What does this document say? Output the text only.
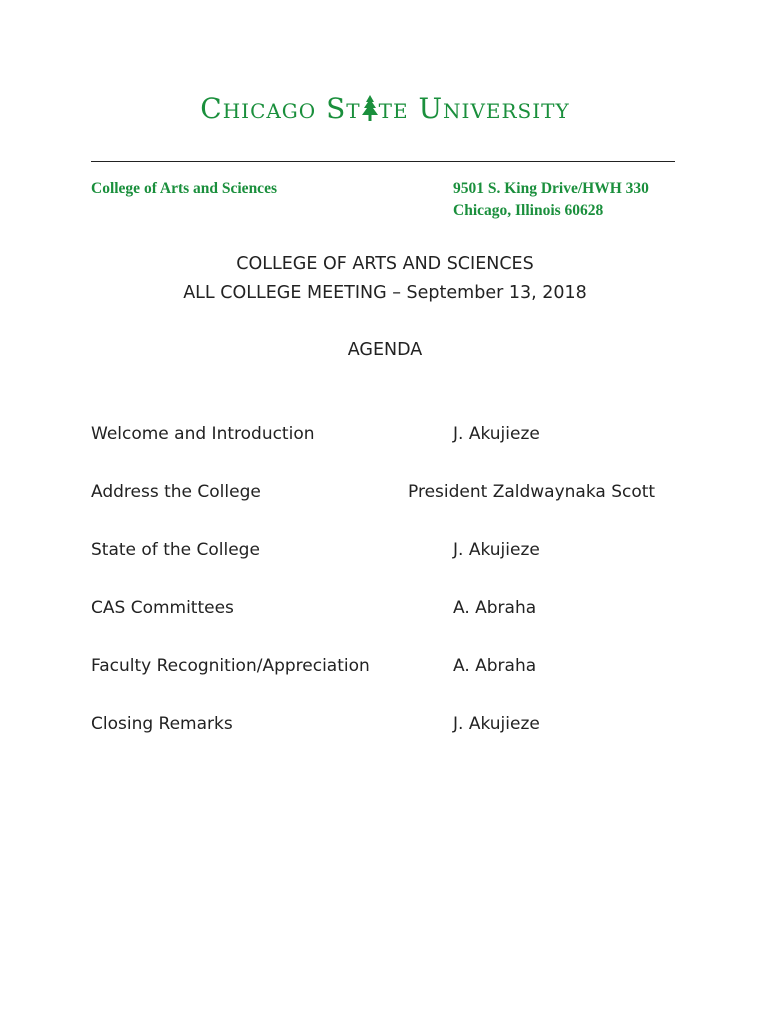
Chicago St te University
College of Arts and Sciences	9501 S. King Drive/HWH 330
Chicago, Illinois 60628
COLLEGE OF ARTS AND SCIENCES
ALL COLLEGE MEETING – September 13, 2018
AGENDA
Welcome and Introduction	J. Akujieze
Address the College	President Zaldwaynaka Scott
State of the College	J. Akujieze
CAS Committees	A. Abraha
Faculty Recognition/Appreciation	A. Abraha
Closing Remarks	J. Akujieze
